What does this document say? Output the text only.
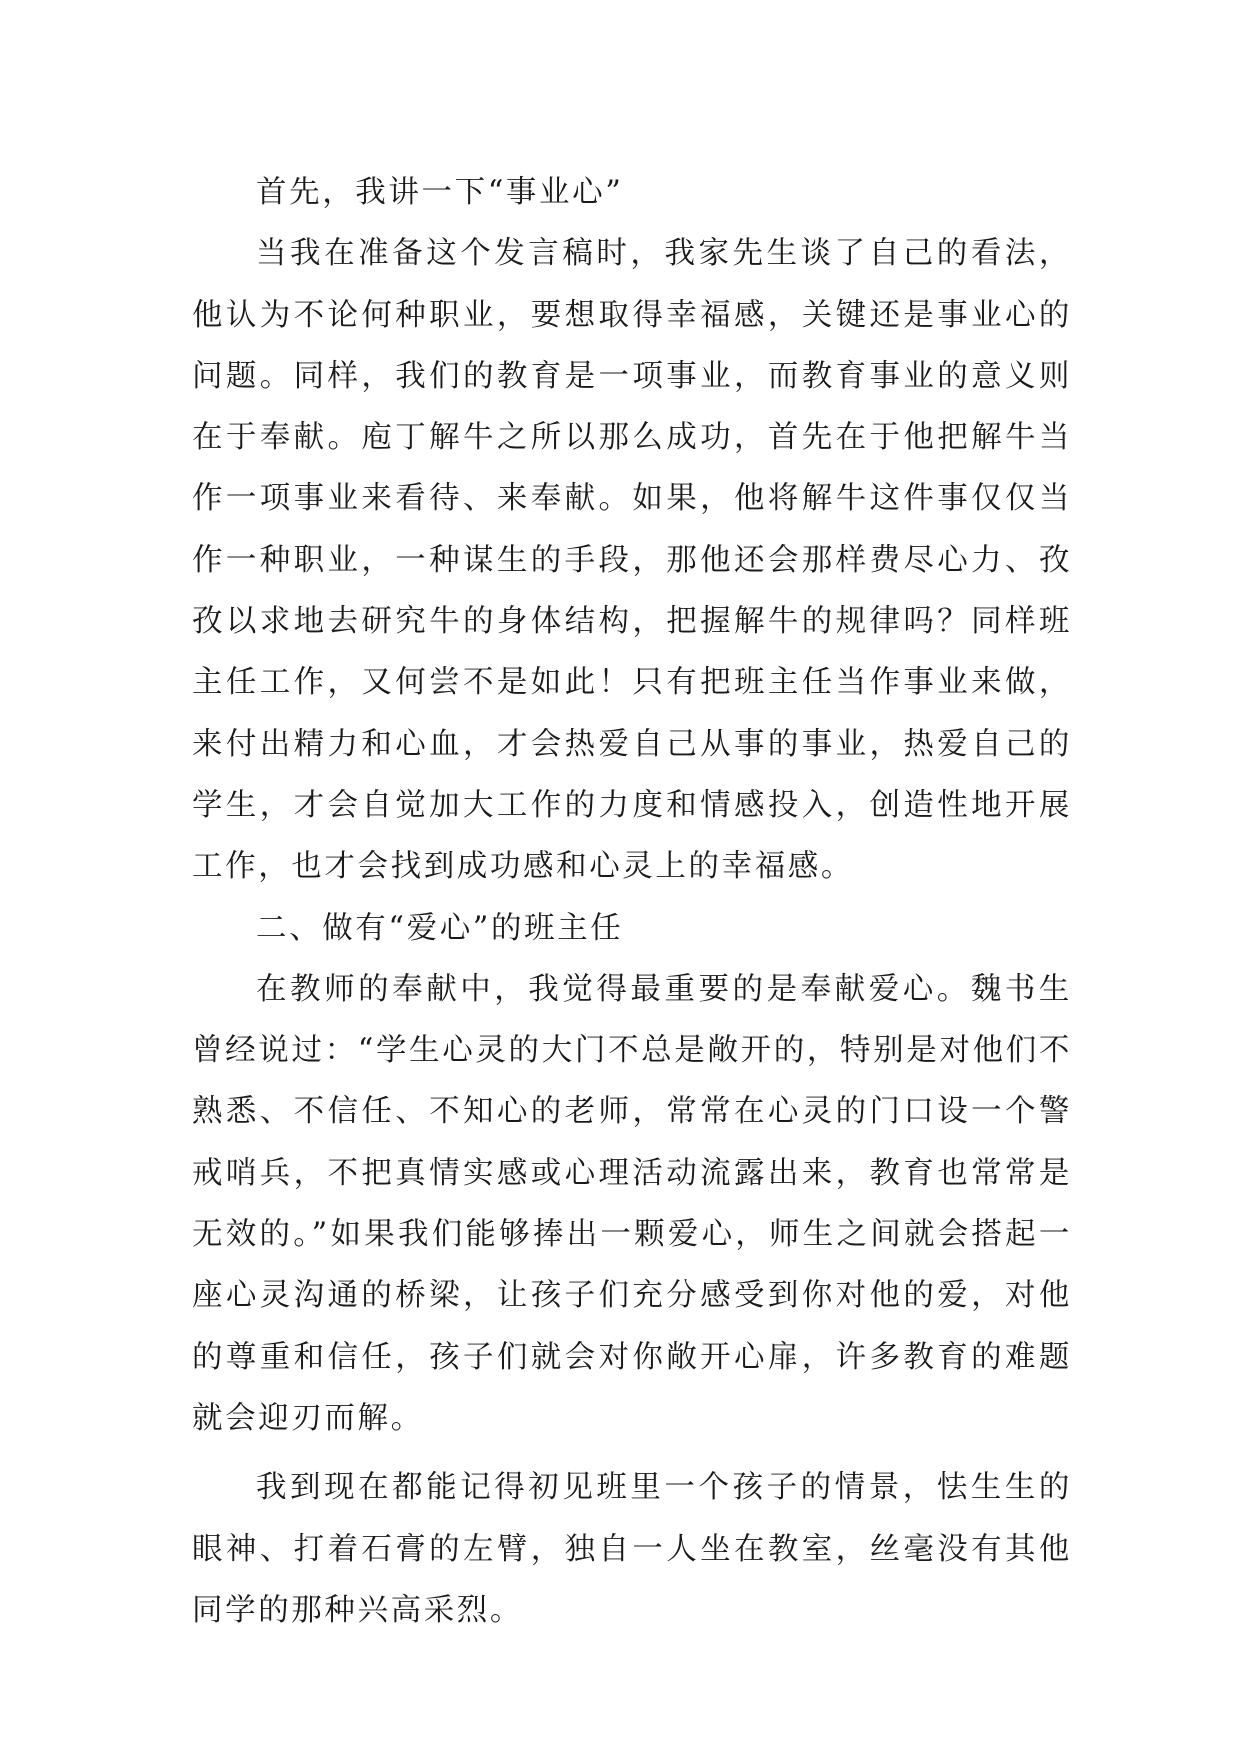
首先，我讲一下“事业心”

当我在准备这个发言稿时，我家先生谈了自己的看法，他认为不论何种职业，要想取得幸福感，关键还是事业心的问题。同样，我们的教育是一项事业，而教育事业的意义则在于奉献。庖丁解牛之所以那么成功，首先在于他把解牛当作一项事业来看待、来奉献。如果，他将解牛这件事仅仅当作一种职业，一种谋生的手段，那他还会那样费尽心力、孜孜以求地去研究牛的身体结构，把握解牛的规律吗？同样班主任工作，又何尝不是如此！只有把班主任当作事业来做，来付出精力和心血，才会热爱自己从事的事业，热爱自己的学生，才会自觉加大工作的力度和情感投入，创造性地开展工作，也才会找到成功感和心灵上的幸福感。

二、做有“爱心”的班主任

在教师的奉献中，我觉得最重要的是奉献爱心。魏书生曾经说过：“学生心灵的大门不总是敞开的，特别是对他们不熟悉、不信任、不知心的老师，常常在心灵的门口设一个警戒哨兵，不把真情实感或心理活动流露出来，教育也常常是无效的。”如果我们能够捧出一颗爱心，师生之间就会搭起一座心灵沟通的桥梁，让孩子们充分感受到你对他的爱，对他的尊重和信任，孩子们就会对你敞开心扉，许多教育的难题就会迎刃而解。

我到现在都能记得初见班里一个孩子的情景，怯生生的眼神、打着石膏的左臂，独自一人坐在教室，丝毫没有其他同学的那种兴高采烈。
